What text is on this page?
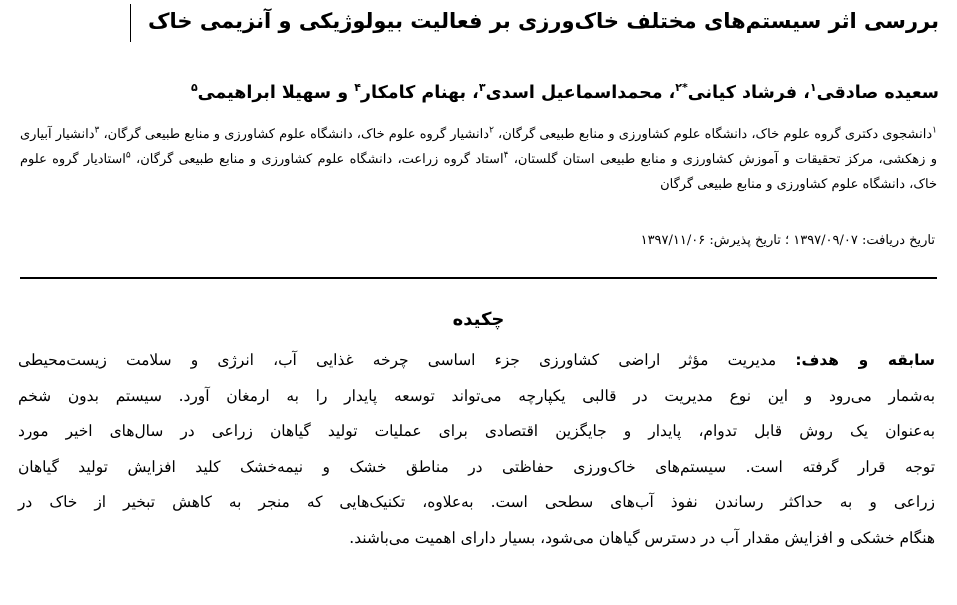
بررسی اثر سیستم‌های مختلف خاک‌ورزی بر فعالیت بیولوژیکی و آنزیمی خاک
سعیده صادقی$^۱$، فرشاد کیانی$^{*۲}$، محمداسماعیل اسدی$^۳$، بهنام کامکار$^۴$ و سهیلا ابراهیمی$^۵$
$^۱$دانشجوی دکتری گروه علوم خاک، دانشگاه علوم کشاورزی و منابع طبیعی گرگان، $^۲$دانشیار گروه علوم خاک، دانشگاه علوم کشاورزی و منابع طبیعی گرگان، $^۳$دانشیار آبیاری و زهکشی، مرکز تحقیقات و آموزش کشاورزی و منابع طبیعی استان گلستان، $^۴$استاد گروه زراعت، دانشگاه علوم کشاورزی و منابع طبیعی گرگان، $^۵$استادیار گروه علوم خاک، دانشگاه علوم کشاورزی و منابع طبیعی گرگان
تاریخ دریافت: ۱۳۹۷/۰۹/۰۷ ؛ تاریخ پذیرش: ۱۳۹۷/۱۱/۰۶
چکیده
سابقه و هدف: مدیریت مؤثر اراضی کشاورزی جزء اساسی چرخه غذایی آب، انرژی و سلامت زیست‌محیطی
به‌شمار می‌رود و این نوع مدیریت در قالبی یکپارچه می‌تواند توسعه پایدار را به ارمغان آورد. سیستم بدون شخم
به‌عنوان یک روش قابل تدوام، پایدار و جایگزین اقتصادی برای عملیات تولید گیاهان زراعی در سال‌های اخیر مورد
توجه قرار گرفته است. سیستم‌های خاک‌ورزی حفاظتی در مناطق خشک و نیمه‌خشک کلید افزایش تولید گیاهان
زراعی و به حداکثر رساندن نفوذ آب‌های سطحی است. به‌علاوه، تکنیک‌هایی که منجر به کاهش تبخیر از خاک در
هنگام خشکی و افزایش مقدار آب در دسترس گیاهان می‌شود، بسیار دارای اهمیت می‌باشند.
